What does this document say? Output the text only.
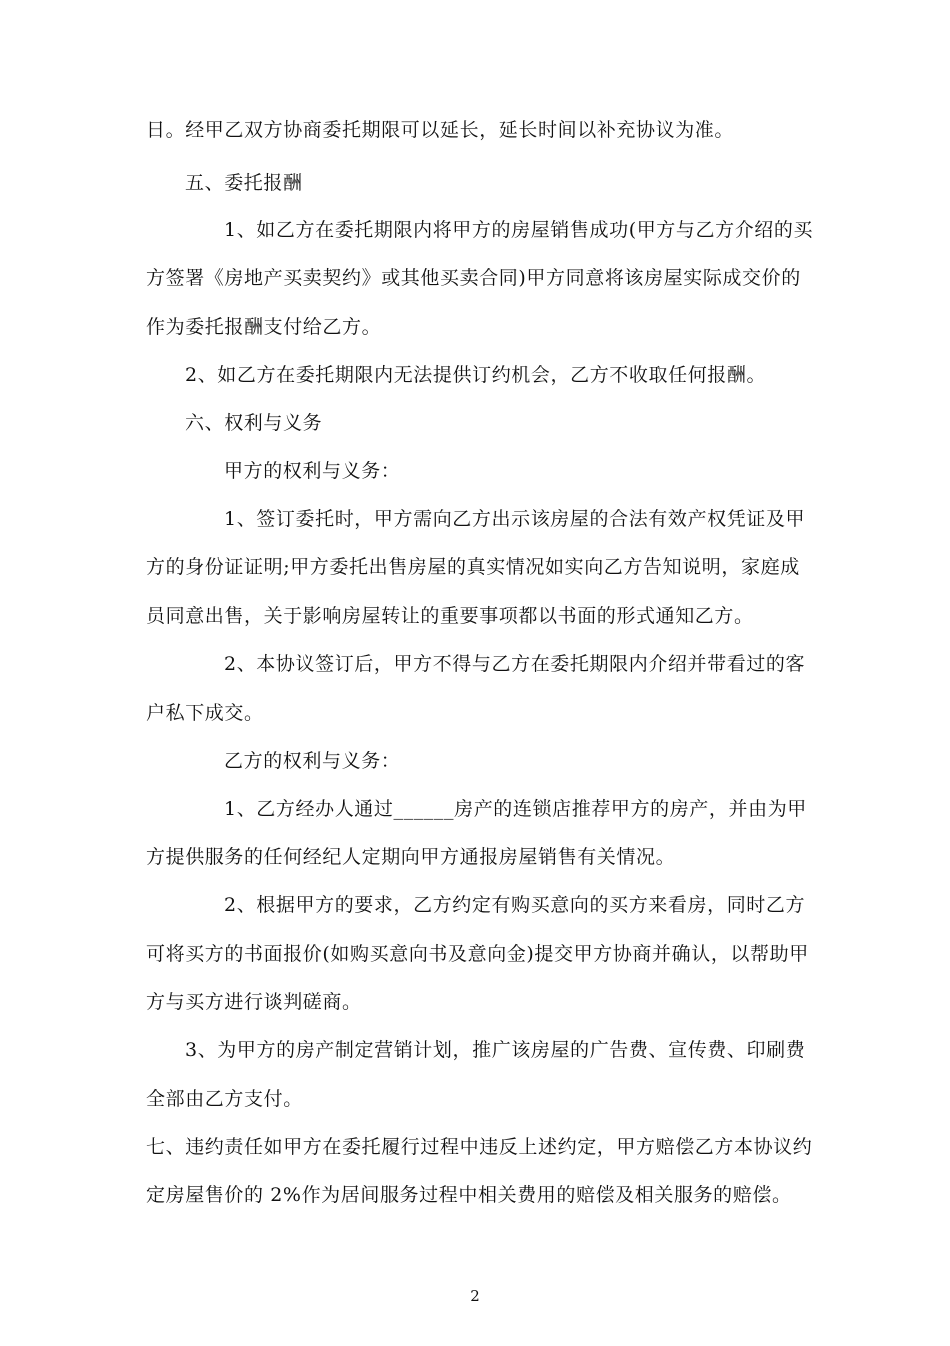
日。经甲乙双方协商委托期限可以延长，延长时间以补充协议为准。
五、委托报酬
1、如乙方在委托期限内将甲方的房屋销售成功(甲方与乙方介绍的买
方签署《房地产买卖契约》或其他买卖合同)甲方同意将该房屋实际成交价的
作为委托报酬支付给乙方。
2、如乙方在委托期限内无法提供订约机会，乙方不收取任何报酬。
六、权利与义务
甲方的权利与义务：
1、签订委托时，甲方需向乙方出示该房屋的合法有效产权凭证及甲
方的身份证证明;甲方委托出售房屋的真实情况如实向乙方告知说明，家庭成
员同意出售，关于影响房屋转让的重要事项都以书面的形式通知乙方。
2、本协议签订后，甲方不得与乙方在委托期限内介绍并带看过的客
户私下成交。
乙方的权利与义务：
1、乙方经办人通过______房产的连锁店推荐甲方的房产，并由为甲
方提供服务的任何经纪人定期向甲方通报房屋销售有关情况。
2、根据甲方的要求，乙方约定有购买意向的买方来看房，同时乙方
可将买方的书面报价(如购买意向书及意向金)提交甲方协商并确认，以帮助甲
方与买方进行谈判磋商。
3、为甲方的房产制定营销计划，推广该房屋的广告费、宣传费、印刷费
全部由乙方支付。
七、违约责任如甲方在委托履行过程中违反上述约定，甲方赔偿乙方本协议约
定房屋售价的 2%作为居间服务过程中相关费用的赔偿及相关服务的赔偿。
2
